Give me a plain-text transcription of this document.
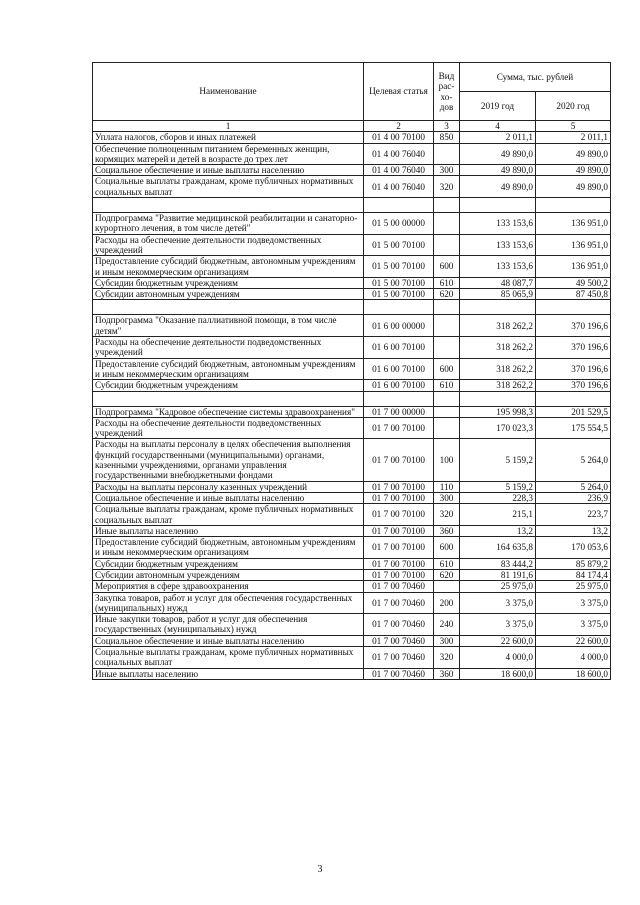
Наименование	Целевая статья	Вид рас-хо-дов	Сумма, тыс. рублей	
			2019 год	2020 год
1	2	3	4	5
Уплата налогов, сборов и иных платежей	01 4 00 70100	850	2 011,1	2 011,1
Обеспечение полноценным питанием беременных женщин, кормящих матерей и детей в возрасте до трех лет	01 4 00 76040		49 890,0	49 890,0
Социальное обеспечение и иные выплаты населению	01 4 00 76040	300	49 890,0	49 890,0
Социальные выплаты гражданам, кроме публичных нормативных социальных выплат	01 4 00 76040	320	49 890,0	49 890,0

Подпрограмма "Развитие медицинской реабилитации и санаторно-курортного лечения, в том числе детей"	01 5 00 00000		133 153,6	136 951,0
Расходы на обеспечение деятельности подведомственных учреждений	01 5 00 70100		133 153,6	136 951,0
Предоставление субсидий бюджетным, автономным учреждениям и иным некоммерческим организациям	01 5 00 70100	600	133 153,6	136 951,0
Субсидии бюджетным учреждениям	01 5 00 70100	610	48 087,7	49 500,2
Субсидии автономным учреждениям	01 5 00 70100	620	85 065,9	87 450,8

Подпрограмма "Оказание паллиативной помощи, в том числе детям"	01 6 00 00000		318 262,2	370 196,6
Расходы на обеспечение деятельности подведомственных учреждений	01 6 00 70100		318 262,2	370 196,6
Предоставление субсидий бюджетным, автономным учреждениям и иным некоммерческим организациям	01 6 00 70100	600	318 262,2	370 196,6
Субсидии бюджетным учреждениям	01 6 00 70100	610	318 262,2	370 196,6

Подпрограмма "Кадровое обеспечение системы здравоохранения"	01 7 00 00000		195 998,3	201 529,5
Расходы на обеспечение деятельности подведомственных учреждений	01 7 00 70100		170 023,3	175 554,5
Расходы на выплаты персоналу в целях обеспечения выполнения функций государственными (муниципальными) органами, казенными учреждениями, органами управления государственными внебюджетными фондами	01 7 00 70100	100	5 159,2	5 264,0
Расходы на выплаты персоналу казенных учреждений	01 7 00 70100	110	5 159,2	5 264,0
Социальное обеспечение и иные выплаты населению	01 7 00 70100	300	228,3	236,9
Социальные выплаты гражданам, кроме публичных нормативных социальных выплат	01 7 00 70100	320	215,1	223,7
Иные выплаты населению	01 7 00 70100	360	13,2	13,2
Предоставление субсидий бюджетным, автономным учреждениям и иным некоммерческим организациям	01 7 00 70100	600	164 635,8	170 053,6
Субсидии бюджетным учреждениям	01 7 00 70100	610	83 444,2	85 879,2
Субсидии автономным учреждениям	01 7 00 70100	620	81 191,6	84 174,4
Мероприятия в сфере здравоохранения	01 7 00 70460		25 975,0	25 975,0
Закупка товаров, работ и услуг для обеспечения государственных (муниципальных) нужд	01 7 00 70460	200	3 375,0	3 375,0
Иные закупки товаров, работ и услуг для обеспечения государственных (муниципальных) нужд	01 7 00 70460	240	3 375,0	3 375,0
Социальное обеспечение и иные выплаты населению	01 7 00 70460	300	22 600,0	22 600,0
Социальные выплаты гражданам, кроме публичных нормативных социальных выплат	01 7 00 70460	320	4 000,0	4 000,0
Иные выплаты населению	01 7 00 70460	360	18 600,0	18 600,0
3
